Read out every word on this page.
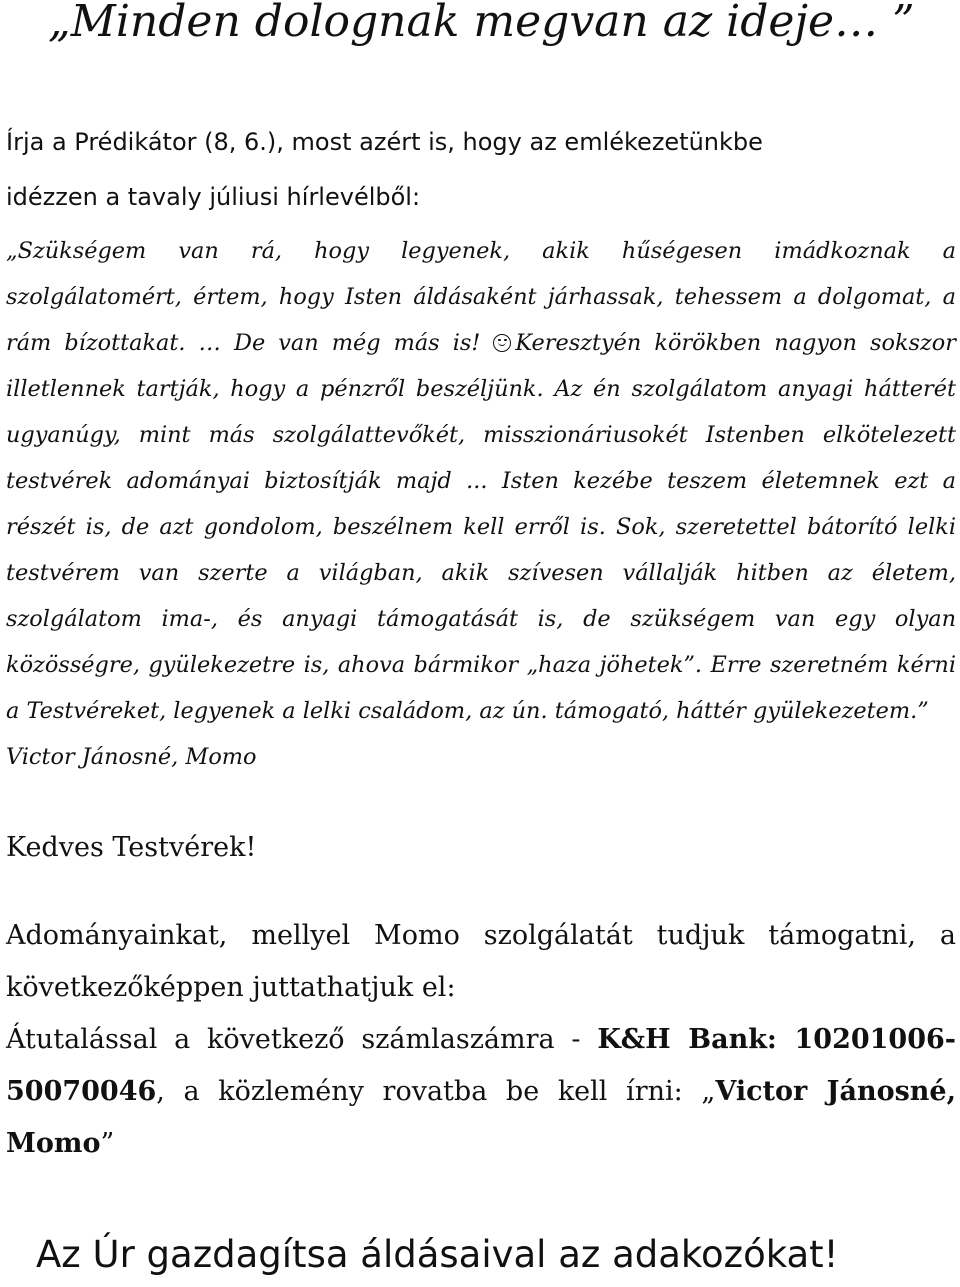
„Minden dolognak megvan az ideje… ”

Írja a Prédikátor (8, 6.), most azért is, hogy az emlékezetünkbe

idézzen a tavaly júliusi hírlevélből:

„Szükségem van rá, hogy legyenek, akik hűségesen imádkoznak a
szolgálatomért, értem, hogy Isten áldásaként járhassak, tehessem a dolgomat, a
rám bízottakat. … De van még más is! Keresztyén körökben nagyon sokszor
illetlennek tartják, hogy a pénzről beszéljünk. Az én szolgálatom anyagi hátterét
ugyanúgy, mint más szolgálattevőkét, misszionáriusokét Istenben elkötelezett
testvérek adományai biztosítják majd ... Isten kezébe teszem életemnek ezt a
részét is, de azt gondolom, beszélnem kell erről is. Sok, szeretettel bátorító lelki
testvérem van szerte a világban, akik szívesen vállalják hitben az életem,
szolgálatom ima-, és anyagi támogatását is, de szükségem van egy olyan
közösségre, gyülekezetre is, ahova bármikor „haza jöhetek”. Erre szeretném kérni
a Testvéreket, legyenek a lelki családom, az ún. támogató, háttér gyülekezetem.”
Victor Jánosné, Momo

Kedves Testvérek!

Adományainkat, mellyel Momo szolgálatát tudjuk támogatni, a
következőképpen juttathatjuk el:
Átutalással a következő számlaszámra - K&H Bank: 10201006-
50070046, a közlemény rovatba be kell írni: „Victor Jánosné,
Momo”

Az Úr gazdagítsa áldásaival az adakozókat!
